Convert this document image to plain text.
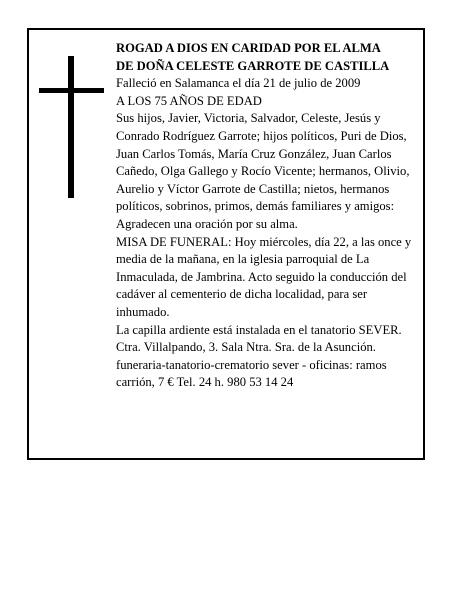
ROGAD A DIOS EN CARIDAD POR EL ALMA

DE DOÑA CELESTE GARROTE DE CASTILLA

Falleció en Salamanca el día 21 de julio de 2009

A LOS 75 AÑOS DE EDAD

Sus hijos, Javier, Victoria, Salvador, Celeste, Jesús y Conrado Rodríguez Garrote; hijos políticos, Puri de Dios, Juan Carlos Tomás, María Cruz González, Juan Carlos Cañedo, Olga Gallego y Rocío Vicente; hermanos, Olivio, Aurelio y Víctor Garrote de Castilla; nietos, hermanos políticos, sobrinos, primos, demás familiares y amigos:

Agradecen una oración por su alma.

MISA DE FUNERAL: Hoy miércoles, día 22, a las once y media de la mañana, en la iglesia parroquial de La Inmaculada, de Jambrina. Acto seguido la conducción del cadáver al cementerio de dicha localidad, para ser inhumado.

La capilla ardiente está instalada en el tanatorio SEVER. Ctra. Villalpando, 3. Sala Ntra. Sra. de la Asunción.

funeraria-tanatorio-crematorio sever - oficinas: ramos carrión, 7 € Tel. 24 h. 980 53 14 24
